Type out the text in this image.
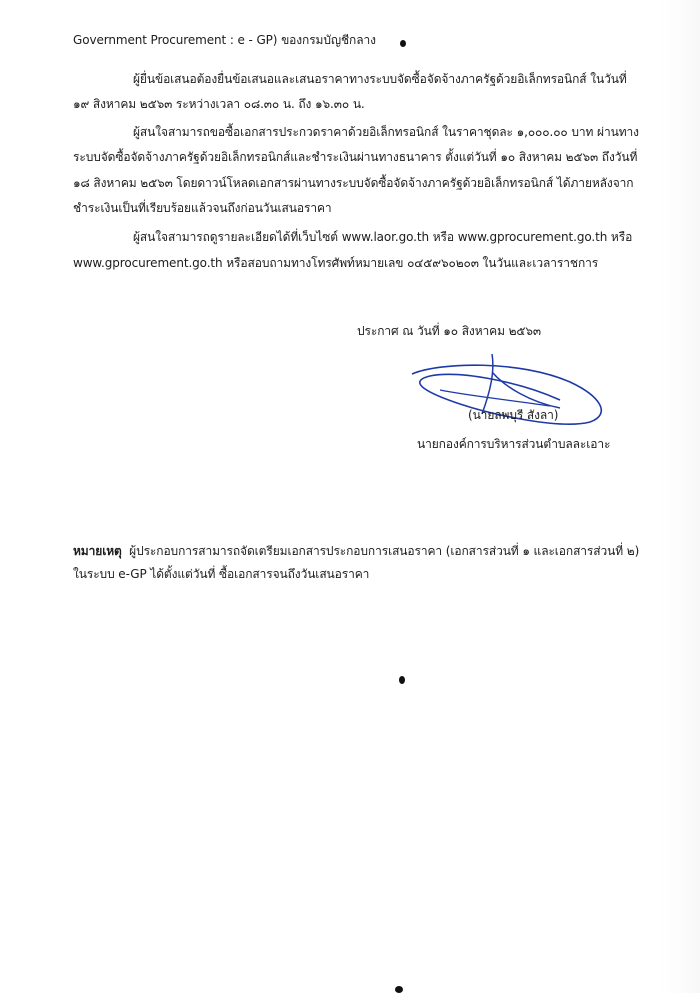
Government Procurement : e - GP) ของกรมบัญชีกลาง
ผู้ยื่นข้อเสนอต้องยื่นข้อเสนอและเสนอราคาทางระบบจัดซื้อจัดจ้างภาครัฐด้วยอิเล็กทรอนิกส์ ในวันที่
๑๙ สิงหาคม ๒๕๖๓ ระหว่างเวลา ๐๘.๓๐ น. ถึง ๑๖.๓๐ น.
ผู้สนใจสามารถขอซื้อเอกสารประกวดราคาด้วยอิเล็กทรอนิกส์ ในราคาชุดละ ๑,๐๐๐.๐๐ บาท ผ่านทาง
ระบบจัดซื้อจัดจ้างภาครัฐด้วยอิเล็กทรอนิกส์และชำระเงินผ่านทางธนาคาร ตั้งแต่วันที่ ๑๐ สิงหาคม ๒๕๖๓ ถึงวันที่
๑๘ สิงหาคม ๒๕๖๓ โดยดาวน์โหลดเอกสารผ่านทางระบบจัดซื้อจัดจ้างภาครัฐด้วยอิเล็กทรอนิกส์ ได้ภายหลังจาก
ชำระเงินเป็นที่เรียบร้อยแล้วจนถึงก่อนวันเสนอราคา
ผู้สนใจสามารถดูรายละเอียดได้ที่เว็บไซต์ www.laor.go.th หรือ www.gprocurement.go.th หรือ
www.gprocurement.go.th หรือสอบถามทางโทรศัพท์หมายเลข ๐๔๕๙๖๐๒๐๓ ในวันและเวลาราชการ
ประกาศ ณ วันที่ ๑๐ สิงหาคม ๒๕๖๓
(นายลพบุรี สังลา)
นายกองค์การบริหารส่วนตำบลละเอาะ
หมายเหตุ ผู้ประกอบการสามารถจัดเตรียมเอกสารประกอบการเสนอราคา (เอกสารส่วนที่ ๑ และเอกสารส่วนที่ ๒)
ในระบบ e-GP ได้ตั้งแต่วันที่ ซื้อเอกสารจนถึงวันเสนอราคา
